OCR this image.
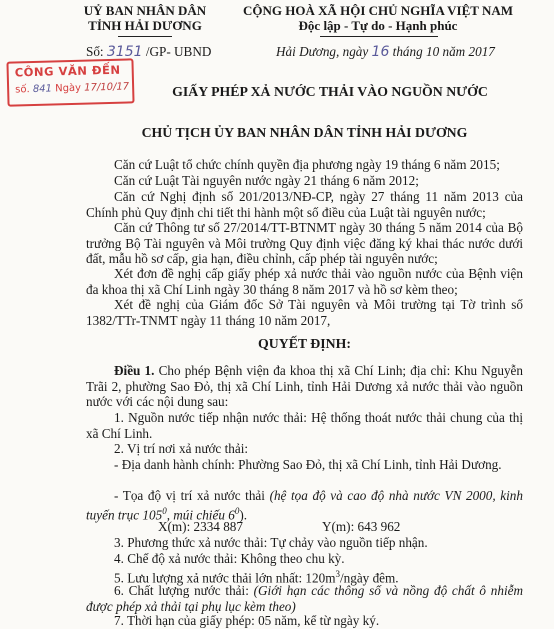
UỶ BAN NHÂN DÂN
TỈNH HẢI DƯƠNG
CỘNG HOÀ XÃ HỘI CHỦ NGHĨA VIỆT NAM
Độc lập - Tự do - Hạnh phúc
Số: 3151 /GP- UBND	Hải Dương, ngày 16 tháng 10 năm 2017
CÔNG VĂN ĐẾN
số. 841 Ngày 17/10/17	GIẤY PHÉP XẢ NƯỚC THẢI VÀO NGUỒN NƯỚC
CHỦ TỊCH ỦY BAN NHÂN DÂN TỈNH HẢI DƯƠNG
Căn cứ Luật tổ chức chính quyền địa phương ngày 19 tháng 6 năm 2015;
Căn cứ Luật Tài nguyên nước ngày 21 tháng 6 năm 2012;
Căn cứ Nghị định số 201/2013/NĐ-CP, ngày 27 tháng 11 năm 2013 của Chính phủ Quy định chi tiết thi hành một số điều của Luật tài nguyên nước;
Căn cứ Thông tư số 27/2014/TT-BTNMT ngày 30 tháng 5 năm 2014 của Bộ trưởng Bộ Tài nguyên và Môi trường Quy định việc đăng ký khai thác nước dưới đất, mẫu hồ sơ cấp, gia hạn, điều chỉnh, cấp phép tài nguyên nước;
Xét đơn đề nghị cấp giấy phép xả nước thải vào nguồn nước của Bệnh viện đa khoa thị xã Chí Linh ngày 30 tháng 8 năm 2017 và hồ sơ kèm theo;
Xét đề nghị của Giám đốc Sở Tài nguyên và Môi trường tại Tờ trình số 1382/TTr-TNMT ngày 11 tháng 10 năm 2017,
QUYẾT ĐỊNH:
Điều 1. Cho phép Bệnh viện đa khoa thị xã Chí Linh; địa chỉ: Khu Nguyễn Trãi 2, phường Sao Đỏ, thị xã Chí Linh, tỉnh Hải Dương xả nước thải vào nguồn nước với các nội dung sau:
1. Nguồn nước tiếp nhận nước thải: Hệ thống thoát nước thải chung của thị xã Chí Linh.
2. Vị trí nơi xả nước thải:
- Địa danh hành chính: Phường Sao Đỏ, thị xã Chí Linh, tỉnh Hải Dương.
- Tọa độ vị trí xả nước thải (hệ tọa độ và cao độ nhà nước VN 2000, kinh tuyến trục $105^0$, múi chiếu $6^0$).
X(m): 2334 887	Y(m): 643 962
3. Phương thức xả nước thải: Tự chảy vào nguồn tiếp nhận.
4. Chế độ xả nước thải: Không theo chu kỳ.
5. Lưu lượng xả nước thải lớn nhất: $120m^3$/ngày đêm.
6. Chất lượng nước thải: (Giới hạn các thông số và nồng độ chất ô nhiễm được phép xả thải tại phụ lục kèm theo)
7. Thời hạn của giấy phép: 05 năm, kể từ ngày ký.
